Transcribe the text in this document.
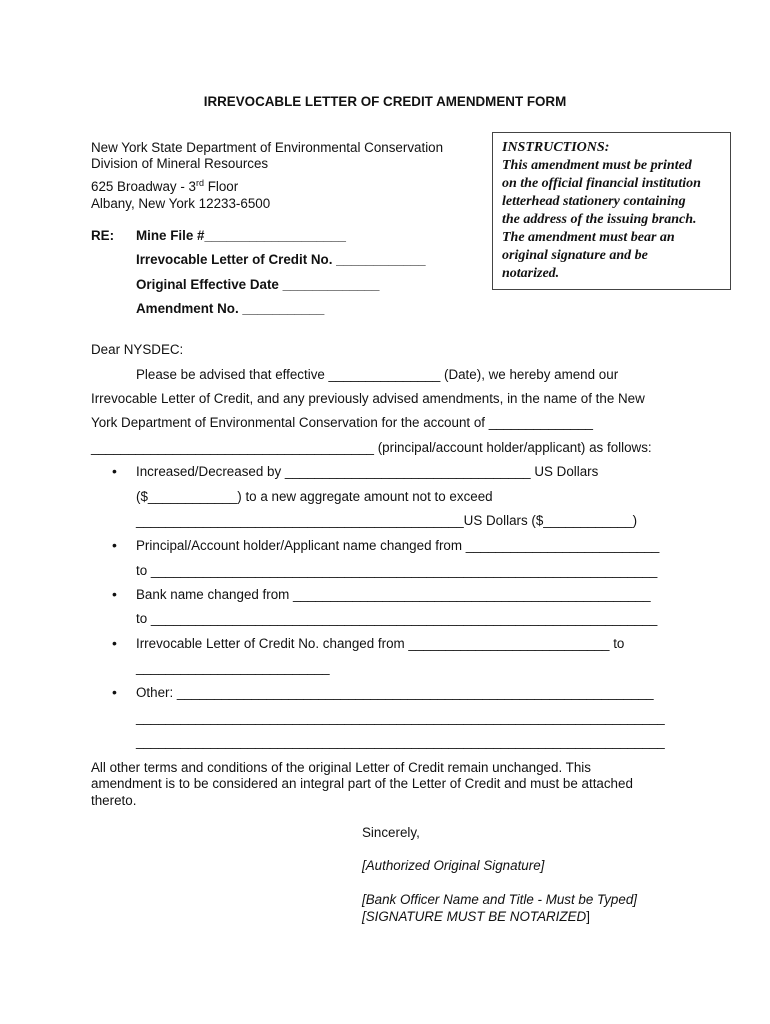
IRREVOCABLE LETTER OF CREDIT AMENDMENT FORM
New York State Department of Environmental Conservation
Division of Mineral Resources
625 Broadway - 3rd Floor
Albany, New York 12233-6500
INSTRUCTIONS:
This amendment must be printed
on the official financial institution
letterhead stationery containing
the address of the issuing branch.
The amendment must bear an
original signature and be
notarized.
RE: Mine File #___________________
Irrevocable Letter of Credit No. ____________
Original Effective Date _____________
Amendment No. ___________
Dear NYSDEC:
Please be advised that effective _______________ (Date), we hereby amend our
Irrevocable Letter of Credit, and any previously advised amendments, in the name of the New
York Department of Environmental Conservation for the account of ______________
______________________________________ (principal/account holder/applicant) as follows:
• Increased/Decreased by _________________________________ US Dollars
($____________) to a new aggregate amount not to exceed
____________________________________________US Dollars ($____________)
• Principal/Account holder/Applicant name changed from __________________________
to ____________________________________________________________________
• Bank name changed from ________________________________________________
to ____________________________________________________________________
• Irrevocable Letter of Credit No. changed from ___________________________ to
__________________________
• Other: ________________________________________________________________
_______________________________________________________________________
_______________________________________________________________________
All other terms and conditions of the original Letter of Credit remain unchanged. This
amendment is to be considered an integral part of the Letter of Credit and must be attached
thereto.
Sincerely,
[Authorized Original Signature]
[Bank Officer Name and Title - Must be Typed]
[SIGNATURE MUST BE NOTARIZED]
